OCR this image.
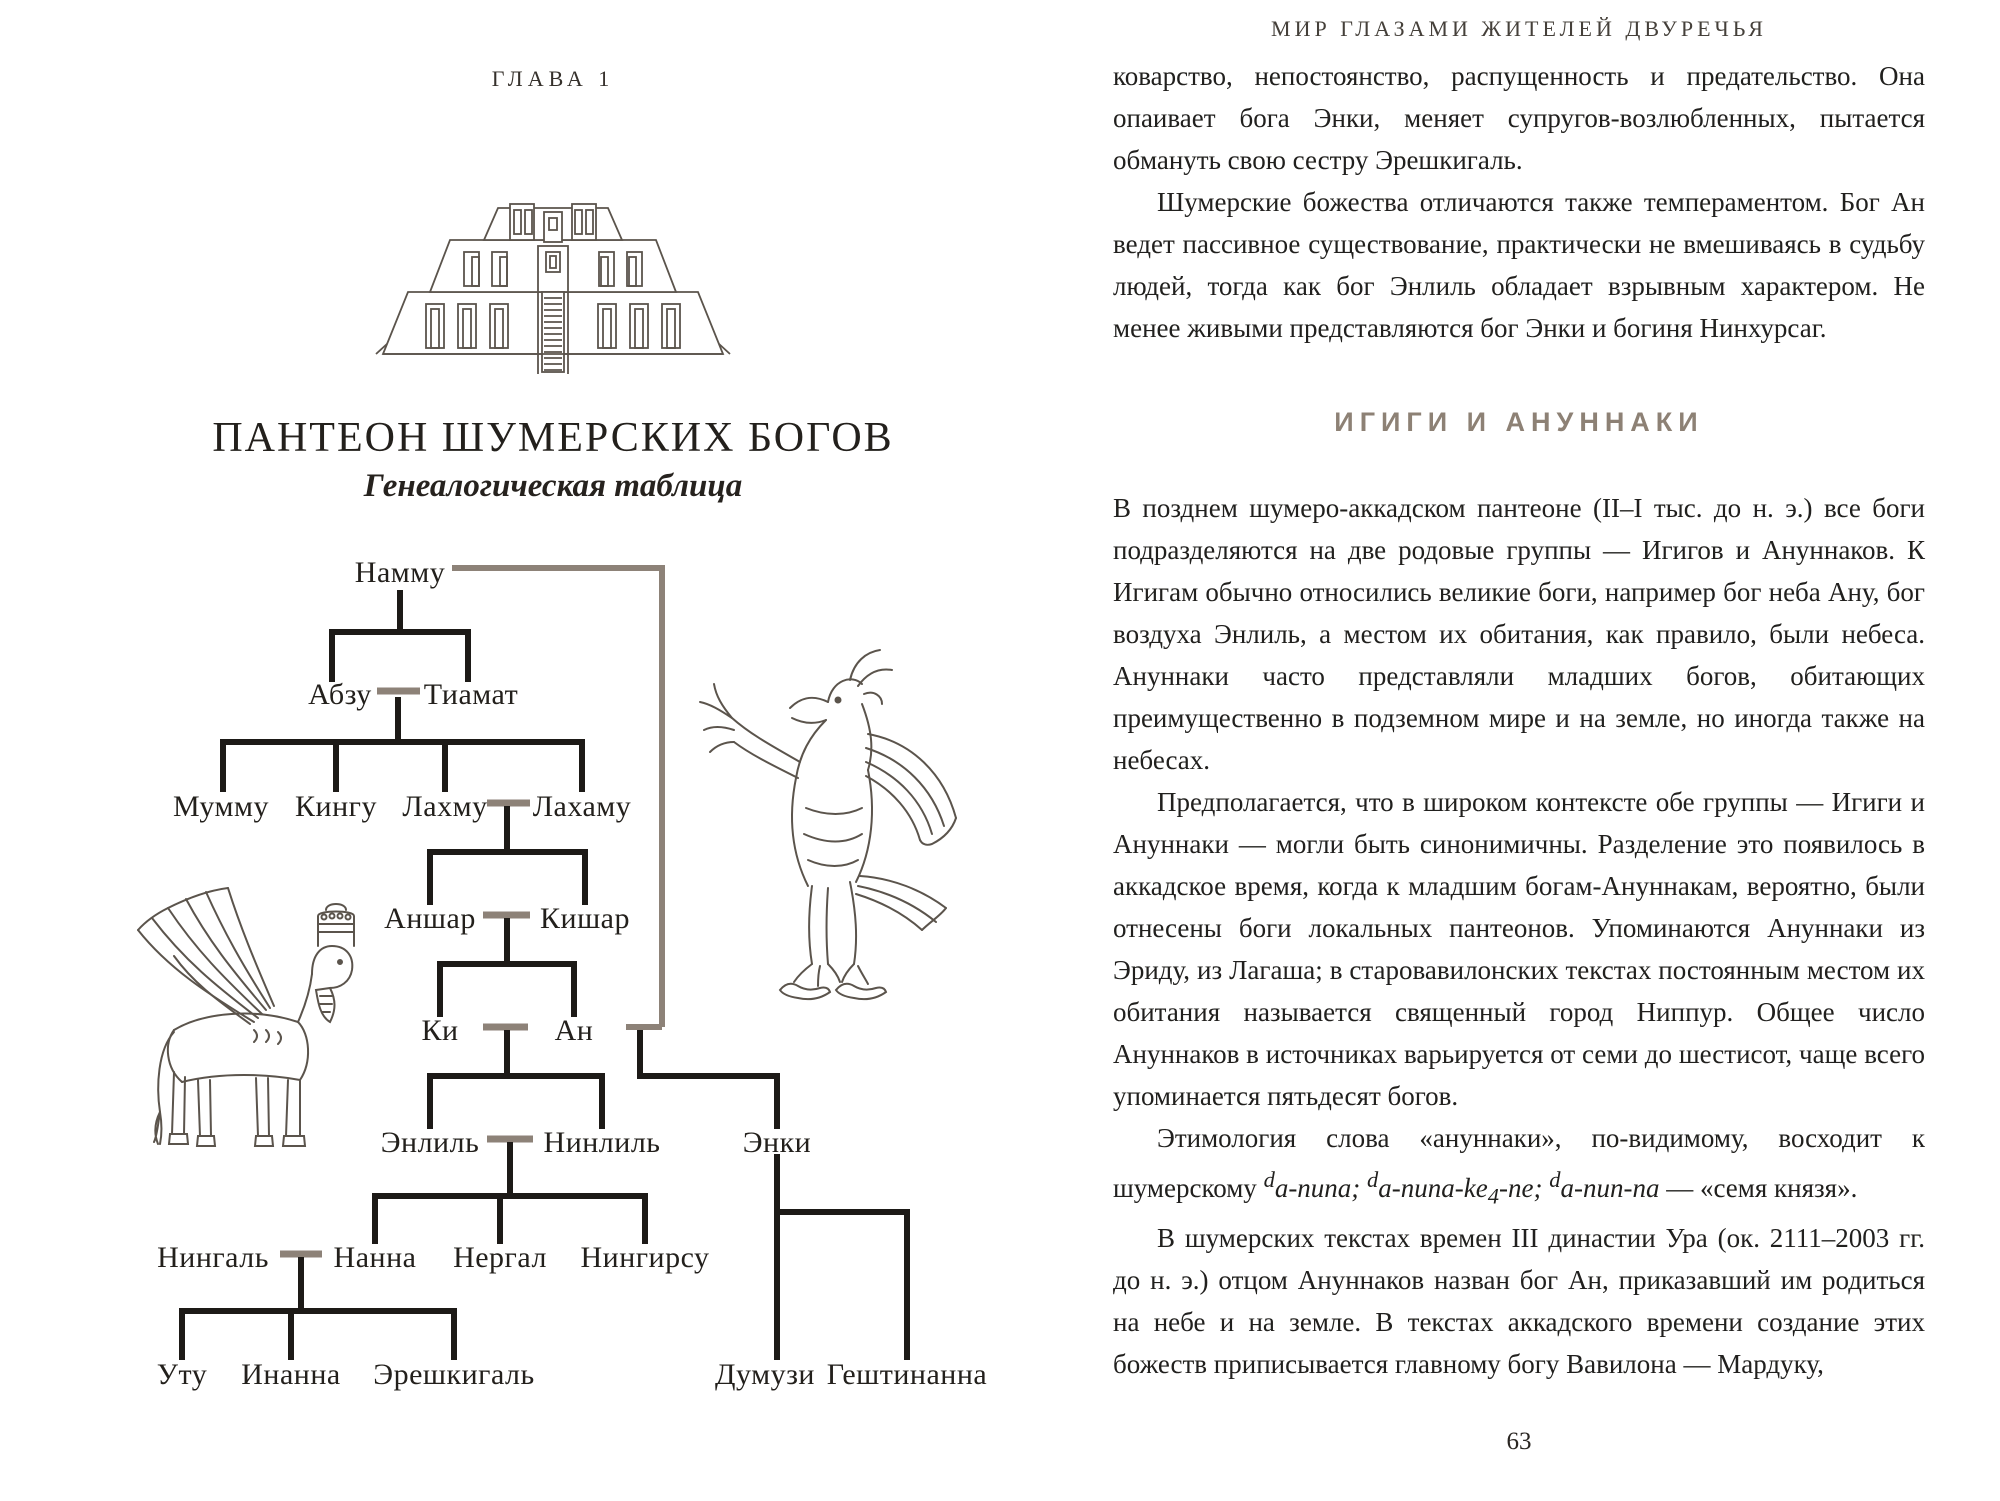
ГЛАВА 1
ПАНТЕОН ШУМЕРСКИХ БОГОВ
Генеалогическая таблица
Намму
Абзу Тиамат
Мумму Кингу Лахму Лахаму
Аншар Кишар
Ки	Ан
Энлиль Нинлиль	Энки
Нингаль Нанна Нергал Нингирсу
Уту Инанна Эрешкигаль	Думузи Гештинанна
МИР ГЛАЗАМИ ЖИТЕЛЕЙ ДВУРЕЧЬЯ

коварство, непостоянство, распущенность и предательство. Она опаивает бога Энки, меняет супругов-возлюбленных, пытается обмануть свою сестру Эрешкигаль.

Шумерские божества отличаются также темпераментом. Бог Ан ведет пассивное существование, практически не вмешиваясь в судьбу людей, тогда как бог Энлиль обладает взрывным характером. Не менее живыми представляются бог Энки и богиня Нинхурсаг.

ИГИГИ И АНУННАКИ

В позднем шумеро-аккадском пантеоне (II–I тыс. до н. э.) все боги подразделяются на две родовые группы — Игигов и Ануннаков. К Игигам обычно относились великие боги, например бог неба Ану, бог воздуха Энлиль, а местом их обитания, как правило, были небеса. Ануннаки часто представляли младших богов, обитающих преимущественно в подземном мире и на земле, но иногда также на небесах.

Предполагается, что в широком контексте обе группы — Игиги и Ануннаки — могли быть синонимичны. Разделение это появилось в аккадское время, когда к младшим богам-Ануннакам, вероятно, были отнесены боги локальных пантеонов. Упоминаются Ануннаки из Эриду, из Лагаша; в старовавилонских текстах постоянным местом их обитания называется священный город Ниппур. Общее число Ануннаков в источниках варьируется от семи до шестисот, чаще всего упоминается пятьдесят богов.

Этимология слова «ануннаки», по-видимому, восходит к шумерскому $^d$a-nuna; $^da-nuna-ke_4-ne$; $^d$a-nun-na — «семя князя».

В шумерских текстах времен III династии Ура (ок. 2111–2003 гг. до н. э.) отцом Ануннаков назван бог Ан, приказавший им родиться на небе и на земле. В текстах аккадского времени создание этих божеств приписывается главному богу Вавилона — Мардуку,

63
